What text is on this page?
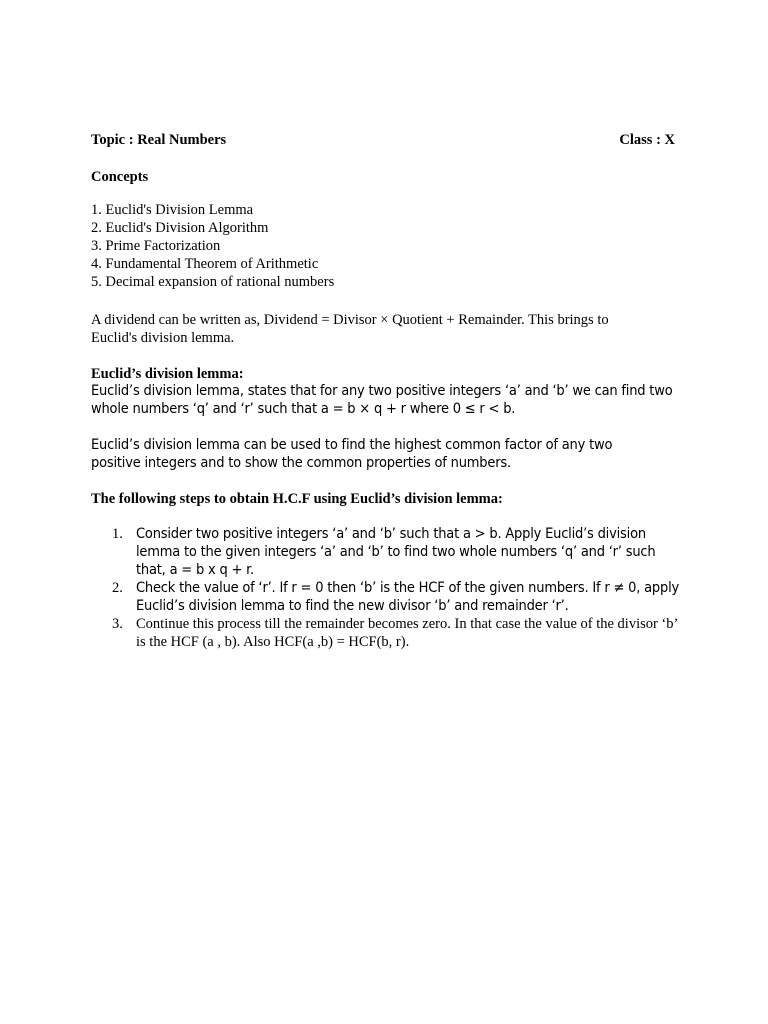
Topic : Real Numbers	Class : X
Concepts
1. Euclid's Division Lemma
2. Euclid's Division Algorithm
3. Prime Factorization
4. Fundamental Theorem of Arithmetic
5. Decimal expansion of rational numbers

A dividend can be written as, Dividend = Divisor × Quotient + Remainder. This brings to Euclid's division lemma.

Euclid’s division lemma:

Euclid’s division lemma, states that for any two positive integers ‘a’ and ‘b’ we can find two whole numbers ‘q’ and ‘r’ such that a = b × q + r where 0 ≤ r < b.

Euclid’s division lemma can be used to find the highest common factor of any two positive integers and to show the common properties of numbers.

The following steps to obtain H.C.F using Euclid’s division lemma:
1. Consider two positive integers ‘a’ and ‘b’ such that a > b. Apply Euclid’s division lemma to the given integers ‘a’ and ‘b’ to find two whole numbers ‘q’ and ‘r’ such that, a = b x q + r.
2. Check the value of ‘r’. If r = 0 then ‘b’ is the HCF of the given numbers. If r ≠ 0, apply Euclid’s division lemma to find the new divisor ‘b’ and remainder ‘r’.
3. Continue this process till the remainder becomes zero. In that case the value of the divisor ‘b’ is the HCF (a , b). Also HCF(a ,b) = HCF(b, r).
